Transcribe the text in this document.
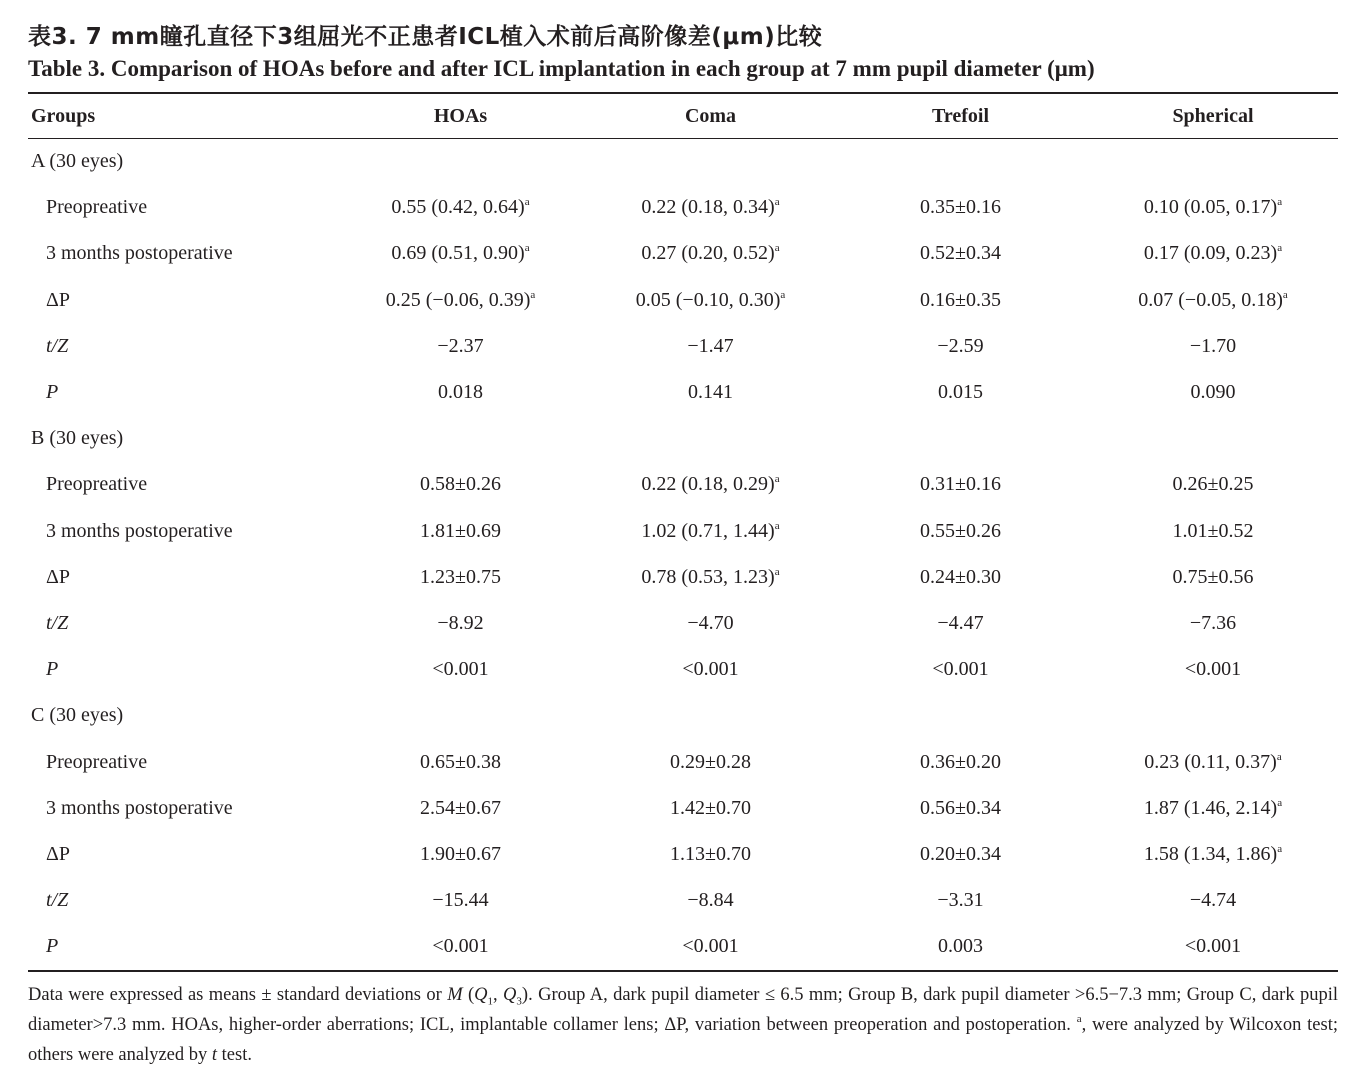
表3. 7 mm瞳孔直径下3组屈光不正患者ICL植入术前后高阶像差(μm)比较
Table 3. Comparison of HOAs before and after ICL implantation in each group at 7 mm pupil diameter (μm)
Groups	HOAs	Coma	Trefoil	Spherical
A (30 eyes)				
Preopreative	0.55 (0.42, 0.64)$^a$	0.22 (0.18, 0.34)$^a$	0.35±0.16	0.10 (0.05, 0.17)$^a$
3 months postoperative	0.69 (0.51, 0.90)$^a$	0.27 (0.20, 0.52)$^a$	0.52±0.34	0.17 (0.09, 0.23)$^a$
ΔP	0.25 (−0.06, 0.39)$^a$	0.05 (−0.10, 0.30)$^a$	0.16±0.35	0.07 (−0.05, 0.18)$^a$
t/Z	−2.37	−1.47	−2.59	−1.70
P	0.018	0.141	0.015	0.090
B (30 eyes)				
Preopreative	0.58±0.26	0.22 (0.18, 0.29)$^a$	0.31±0.16	0.26±0.25
3 months postoperative	1.81±0.69	1.02 (0.71, 1.44)$^a$	0.55±0.26	1.01±0.52
ΔP	1.23±0.75	0.78 (0.53, 1.23)$^a$	0.24±0.30	0.75±0.56
t/Z	−8.92	−4.70	−4.47	−7.36
P	<0.001	<0.001	<0.001	<0.001
C (30 eyes)				
Preopreative	0.65±0.38	0.29±0.28	0.36±0.20	0.23 (0.11, 0.37)$^a$
3 months postoperative	2.54±0.67	1.42±0.70	0.56±0.34	1.87 (1.46, 2.14)$^a$
ΔP	1.90±0.67	1.13±0.70	0.20±0.34	1.58 (1.34, 1.86)$^a$
t/Z	−15.44	−8.84	−3.31	−4.74
P	<0.001	<0.001	0.003	<0.001
Data were expressed as means ± standard deviations or M ($Q_1$, $Q_3$). Group A, dark pupil diameter ≤ 6.5 mm; Group B, dark pupil diameter >6.5−7.3 mm; Group C, dark pupil diameter>7.3 mm. HOAs, higher-order aberrations; ICL, implantable collamer lens; ΔP, variation between preoperation and postoperation. $^a$, were analyzed by Wilcoxon test; others were analyzed by t test.
